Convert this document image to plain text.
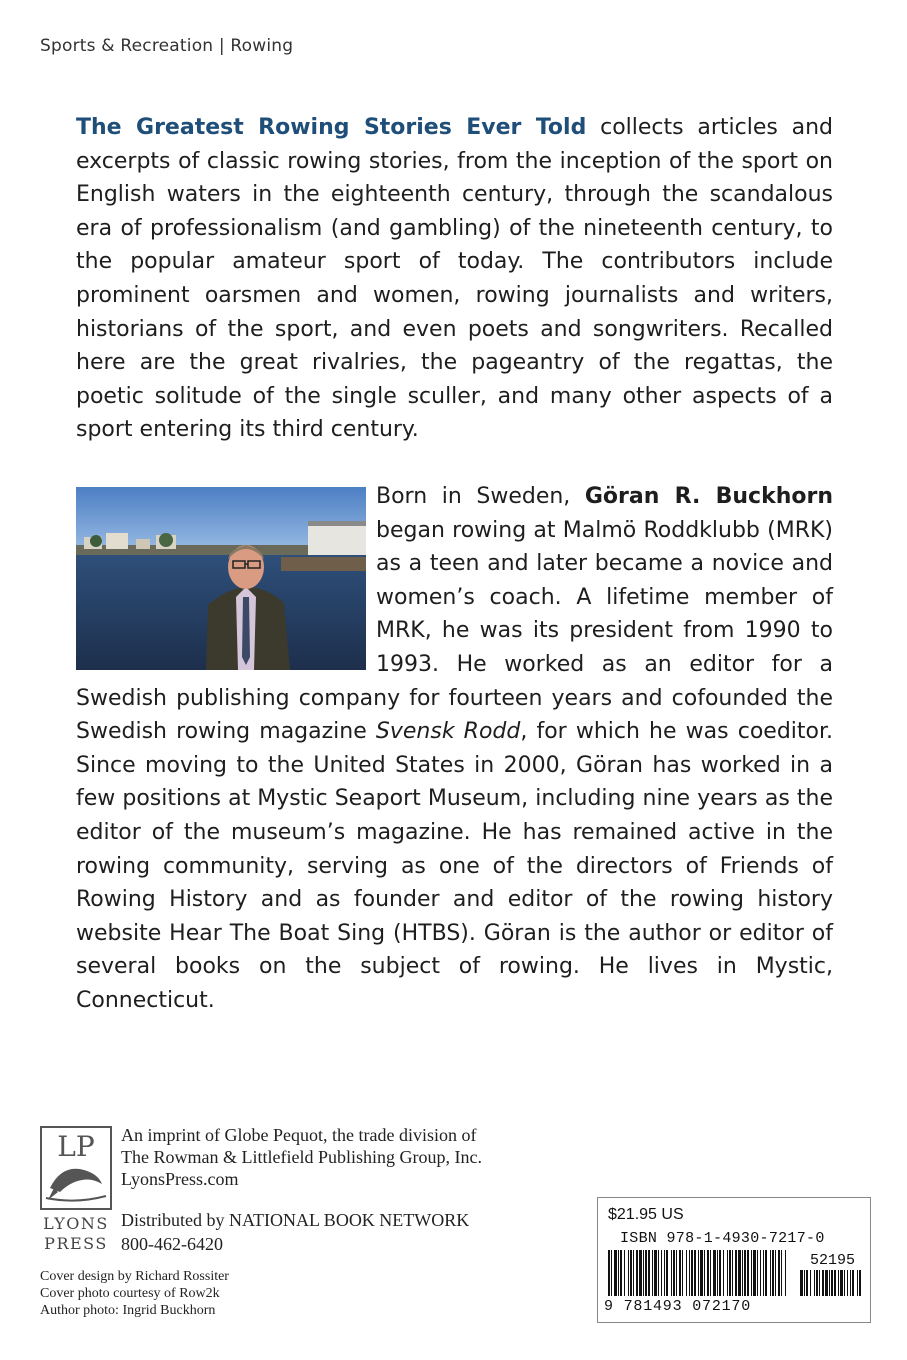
Sports & Recreation | Rowing

The Greatest Rowing Stories Ever Told collects articles and excerpts of classic rowing stories, from the inception of the sport on English waters in the eighteenth century, through the scandalous era of professionalism (and gambling) of the nineteenth century, to the popular amateur sport of today. The contributors include prominent oarsmen and women, rowing journalists and writers, historians of the sport, and even poets and songwriters. Recalled here are the great rivalries, the pageantry of the regattas, the poetic solitude of the single sculler, and many other aspects of a sport entering its third century.

Born in Sweden, Göran R. Buckhorn began rowing at Malmö Roddklubb (MRK) as a teen and later became a novice and women’s coach. A lifetime member of MRK, he was its president from 1990 to 1993. He worked as an editor for a Swedish publishing company for fourteen years and cofounded the Swedish rowing magazine Svensk Rodd, for which he was coeditor. Since moving to the United States in 2000, Göran has worked in a few positions at Mystic Seaport Museum, including nine years as the editor of the museum’s magazine. He has remained active in the rowing community, serving as one of the directors of Friends of Rowing History and as founder and editor of the rowing history website Hear The Boat Sing (HTBS). Göran is the author or editor of several books on the subject of rowing. He lives in Mystic, Connecticut.

LP
LYONS
PRESS
An imprint of Globe Pequot, the trade division of
The Rowman & Littlefield Publishing Group, Inc.
LyonsPress.com
Distributed by NATIONAL BOOK NETWORK
800-462-6420
Cover design by Richard Rossiter
Cover photo courtesy of Row2k
Author photo: Ingrid Buckhorn
$21.95 US
ISBN 978-1-4930-7217-0
52195
9 781493 072170
